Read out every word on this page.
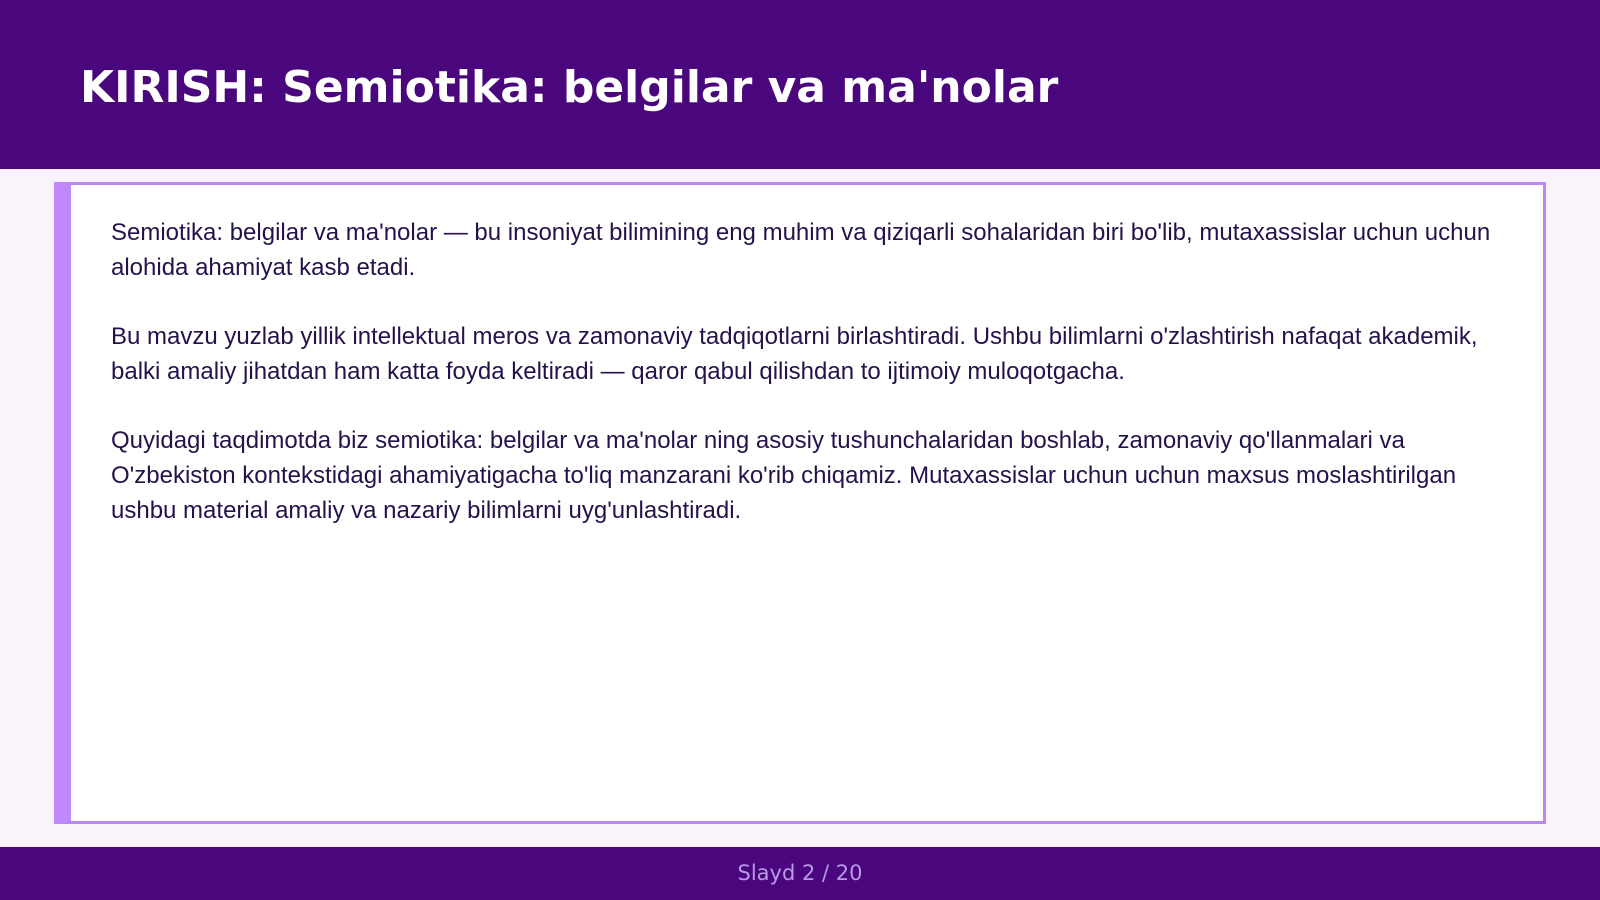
KIRISH: Semiotika: belgilar va ma'nolar

Semiotika: belgilar va ma'nolar — bu insoniyat bilimining eng muhim va qiziqarli sohalaridan biri bo'lib, mutaxassislar uchun uchun alohida ahamiyat kasb etadi.

Bu mavzu yuzlab yillik intellektual meros va zamonaviy tadqiqotlarni birlashtiradi. Ushbu bilimlarni o'zlashtirish nafaqat akademik, balki amaliy jihatdan ham katta foyda keltiradi — qaror qabul qilishdan to ijtimoiy muloqotgacha.

Quyidagi taqdimotda biz semiotika: belgilar va ma'nolar ning asosiy tushunchalaridan boshlab, zamonaviy qo'llanmalari va O'zbekiston kontekstidagi ahamiyatigacha to'liq manzarani ko'rib chiqamiz. Mutaxassislar uchun uchun maxsus moslashtirilgan ushbu material amaliy va nazariy bilimlarni uyg'unlashtiradi.

Slayd 2 / 20
